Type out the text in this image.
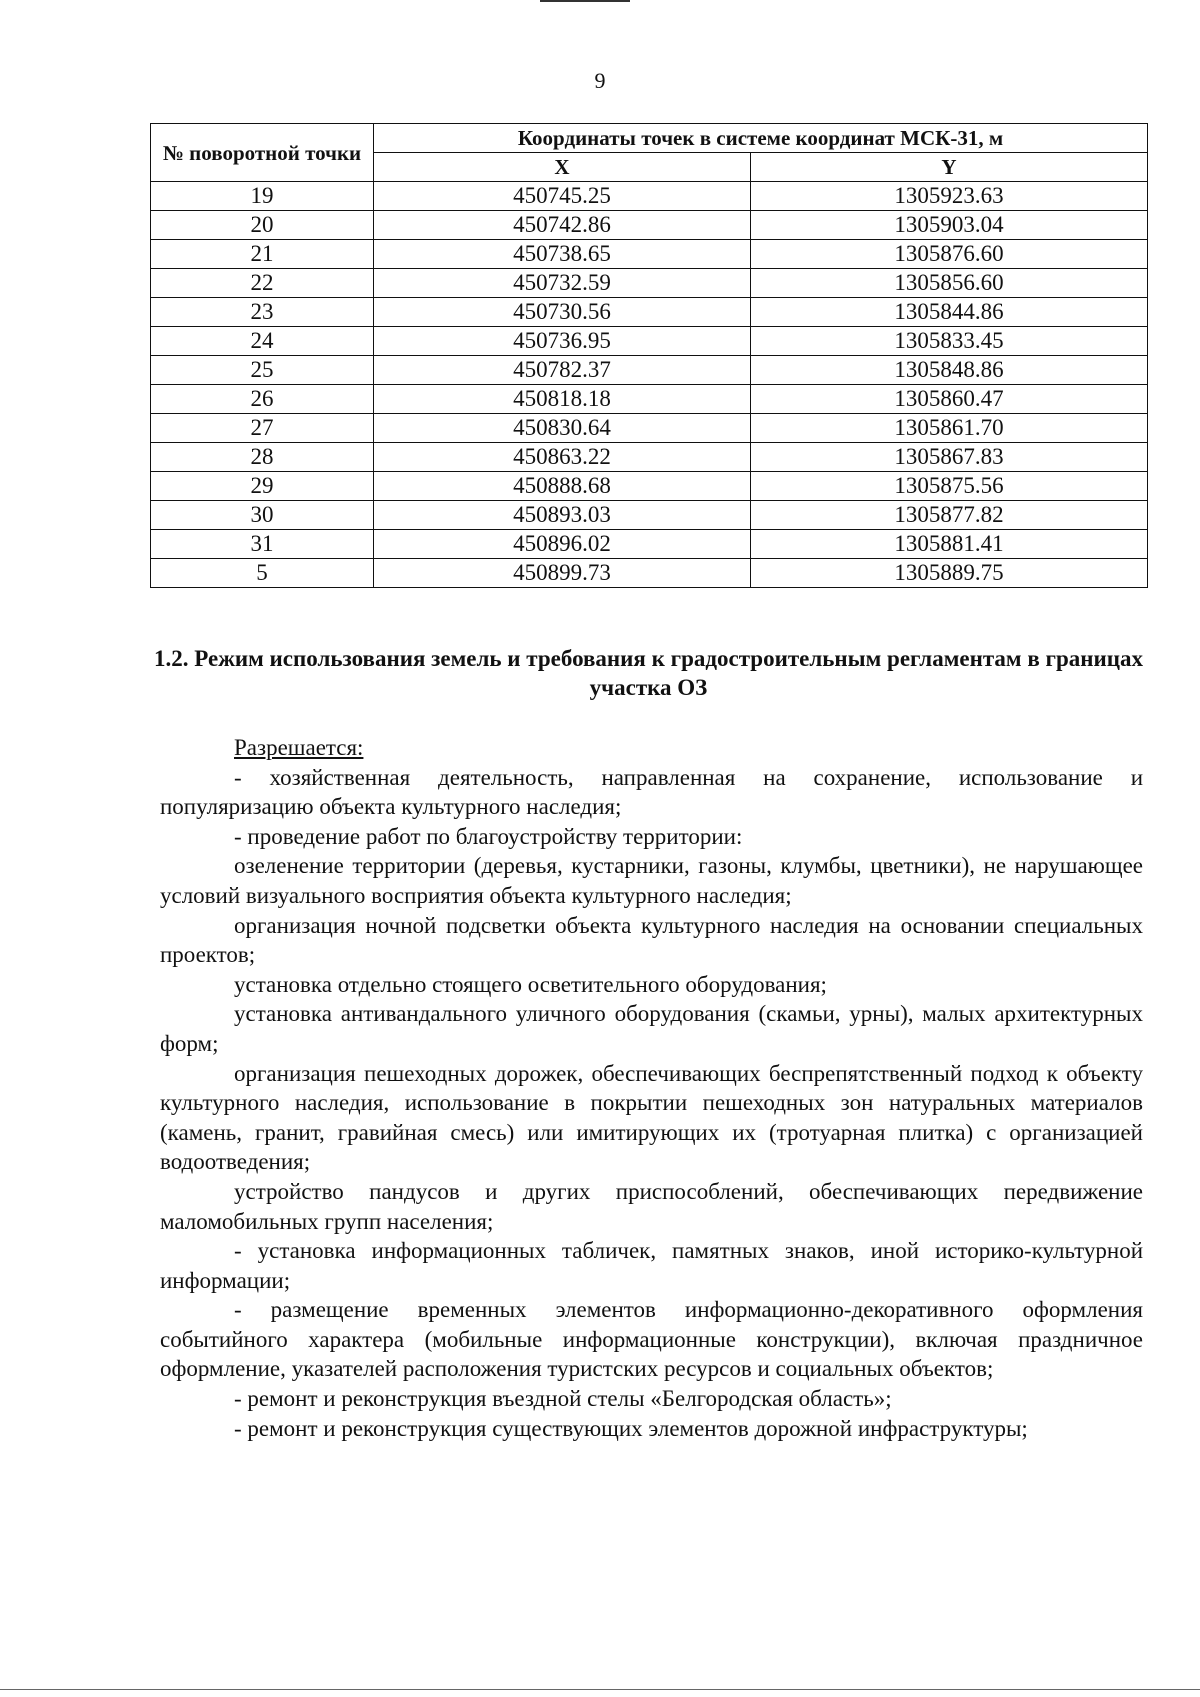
9
№ поворотной точки	Координаты точек в системе координат МСК-31, м	
	X	Y
19	450745.25	1305923.63
20	450742.86	1305903.04
21	450738.65	1305876.60
22	450732.59	1305856.60
23	450730.56	1305844.86
24	450736.95	1305833.45
25	450782.37	1305848.86
26	450818.18	1305860.47
27	450830.64	1305861.70
28	450863.22	1305867.83
29	450888.68	1305875.56
30	450893.03	1305877.82
31	450896.02	1305881.41
5	450899.73	1305889.75
1.2. Режим использования земель и требования к градостроительным регламентам в границах участка ОЗ

Разрешается:

- хозяйственная деятельность, направленная на сохранение, использование и популяризацию объекта культурного наследия;

- проведение работ по благоустройству территории:

озеленение территории (деревья, кустарники, газоны, клумбы, цветники), не нарушающее условий визуального восприятия объекта культурного наследия;

организация ночной подсветки объекта культурного наследия на основании специальных проектов;

установка отдельно стоящего осветительного оборудования;

установка антивандального уличного оборудования (скамьи, урны), малых архитектурных форм;

организация пешеходных дорожек, обеспечивающих беспрепятственный подход к объекту культурного наследия, использование в покрытии пешеходных зон натуральных материалов (камень, гранит, гравийная смесь) или имитирующих их (тротуарная плитка) с организацией водоотведения;

устройство пандусов и других приспособлений, обеспечивающих передвижение маломобильных групп населения;

- установка информационных табличек, памятных знаков, иной историко-культурной информации;

- размещение временных элементов информационно-декоративного оформления событийного характера (мобильные информационные конструкции), включая праздничное оформление, указателей расположения туристских ресурсов и социальных объектов;

- ремонт и реконструкция въездной стелы «Белгородская область»;

- ремонт и реконструкция существующих элементов дорожной инфраструктуры;
